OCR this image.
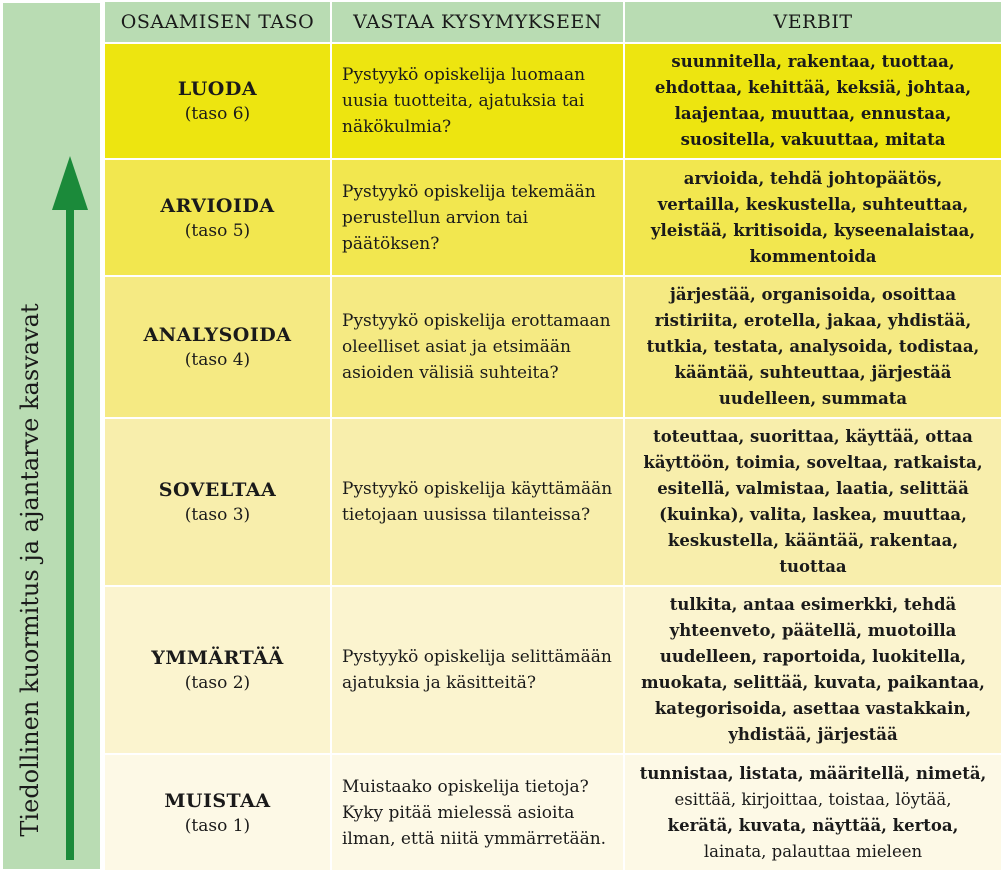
Tiedollinen kuormitus ja ajantarve kasvavat
OSAAMISEN TASO	VASTAA KYSYMYKSEEN	VERBIT

LUODA
(taso 6)	Pystyykö opiskelija luomaan uusia tuotteita, ajatuksia tai näkökulmia?	suunnitella, rakentaa, tuottaa, ehdottaa, kehittää, keksiä, johtaa, laajentaa, muuttaa, ennustaa, suositella, vakuuttaa, mitata

ARVIOIDA
(taso 5)	Pystyykö opiskelija tekemään perustellun arvion tai päätöksen?	arvioida, tehdä johtopäätös, vertailla, keskustella, suhteuttaa, yleistää, kritisoida, kyseenalaistaa, kommentoida

ANALYSOIDA
(taso 4)	Pystyykö opiskelija erottamaan oleelliset asiat ja etsimään asioiden välisiä suhteita?	järjestää, organisoida, osoittaa ristiriita, erotella, jakaa, yhdistää, tutkia, testata, analysoida, todistaa, kääntää, suhteuttaa, järjestää uudelleen, summata

SOVELTAA
(taso 3)	Pystyykö opiskelija käyttämään tietojaan uusissa tilanteissa?	toteuttaa, suorittaa, käyttää, ottaa käyttöön, toimia, soveltaa, ratkaista, esitellä, valmistaa, laatia, selittää (kuinka), valita, laskea, muuttaa, keskustella, kääntää, rakentaa, tuottaa

YMMÄRTÄÄ
(taso 2)	Pystyykö opiskelija selittämään ajatuksia ja käsitteitä?	tulkita, antaa esimerkki, tehdä yhteenveto, päätellä, muotoilla uudelleen, raportoida, luokitella, muokata, selittää, kuvata, paikantaa, kategorisoida, asettaa vastakkain, yhdistää, järjestää

MUISTAA
(taso 1)	Muistaako opiskelija tietoja? Kyky pitää mielessä asioita ilman, että niitä ymmärretään.	tunnistaa, listata, määritellä, nimetä,
esittää, kirjoittaa, toistaa, löytää,
kerätä, kuvata, näyttää, kertoa,
lainata, palauttaa mieleen
